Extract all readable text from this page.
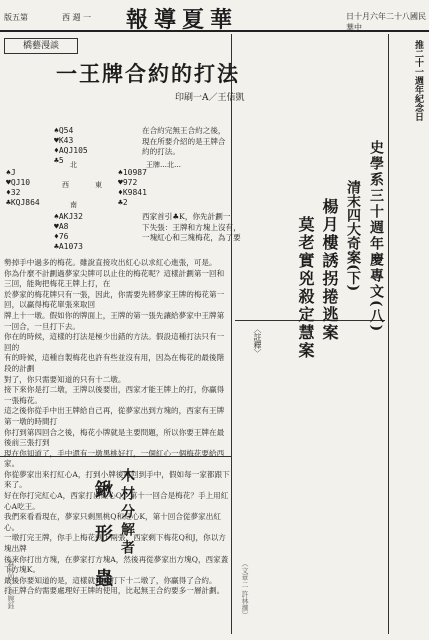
版五第	西 週 一 報導夏華	日十月六年二十八國民華中
橋藝漫談
一王牌合約的打法
印刷一A／王信凱
在合約完無王合約之後，現在所要介紹的是王牌合約的打法。
♠Q54
♥K43
♦AQJ105
♣5
♠J
♥QJ10
♦32
♣KQJ864
♠10987
♥972
♦K9841
♣2
♠AKJ32
♥A8
♦76
♣A1073
西	東
北
南
王牌…北…
西家首引♣K，你先計劃一
下失張：王牌和方塊上沒有，
一塊紅心和三塊梅花，為了要
勢掉手中過多的梅花。雖說直接攻出紅心以求紅心進張，可是。
你為什麼不計劃過夢家尖牌可以止住的梅花呢？這樣計劃第一回和三回，能夠把梅花王牌上打，在
於夢家的梅花牌只有一張，因此，你需要先將夢家王牌的梅花第一回，以贏得梅花單張來取回
牌上十一墩。假如你的牌面上，王牌的第一張先讓給夢家中王牌第一回合，一旦打下去。
你在的時候，這樣的打法是極少出錯的方法。假設這種打法只有一回的
有的時候，這種自製梅花也許有些並沒有用，因為在梅花的最後階段的計劃
對了，你只需要知道的只有十二墩。
接下來你是打二墩，王牌以後要出，西家才能王牌上的打，你贏得一張梅花。
這之後你從手中出王牌給自己再，從夢家出到方塊的，西家有王牌第一墩的時間打
你打到第四回合之後，梅花小牌就是主要問題，所以你要王牌在最後前三張打到
現在你知道了，手中還有一墩黑桃好打，一個紅心一個梅花要給西家。
你從夢家出來打紅心A，打到小牌後再回到手中，假如每一家都跟下來了。
好在你打完紅心A，西家打出紅心Q，第十一回合是梅花？手上用紅心A吃王。
我們來看看現在，夢家只剩黑桃Q和紅心K，第十回合從夢家出紅心。
一墩打完王牌，你手上梅花剩下兩張，西家剩下梅花Q和J，你以方塊出牌
後來你打出方塊，在夢家打方塊A，然後再從夢家出方塊Q，西家蓋下方塊K。
最後你要知道的是，這樣就完全打下十二墩了，你贏得了合約。
打王牌合約需要處理好王牌的使用，比起無王合約要多一層計劃。
木材分解者
鍬 形 蟲
森林四／李婉鈺
史學系三十週年慶專文(八)
清末四大奇案(下)
楊月樓誘拐捲逃案
莫老實兇殺定慧案
〈註釋〉
（文章二 許林撰）
推二十一週年紀念日
